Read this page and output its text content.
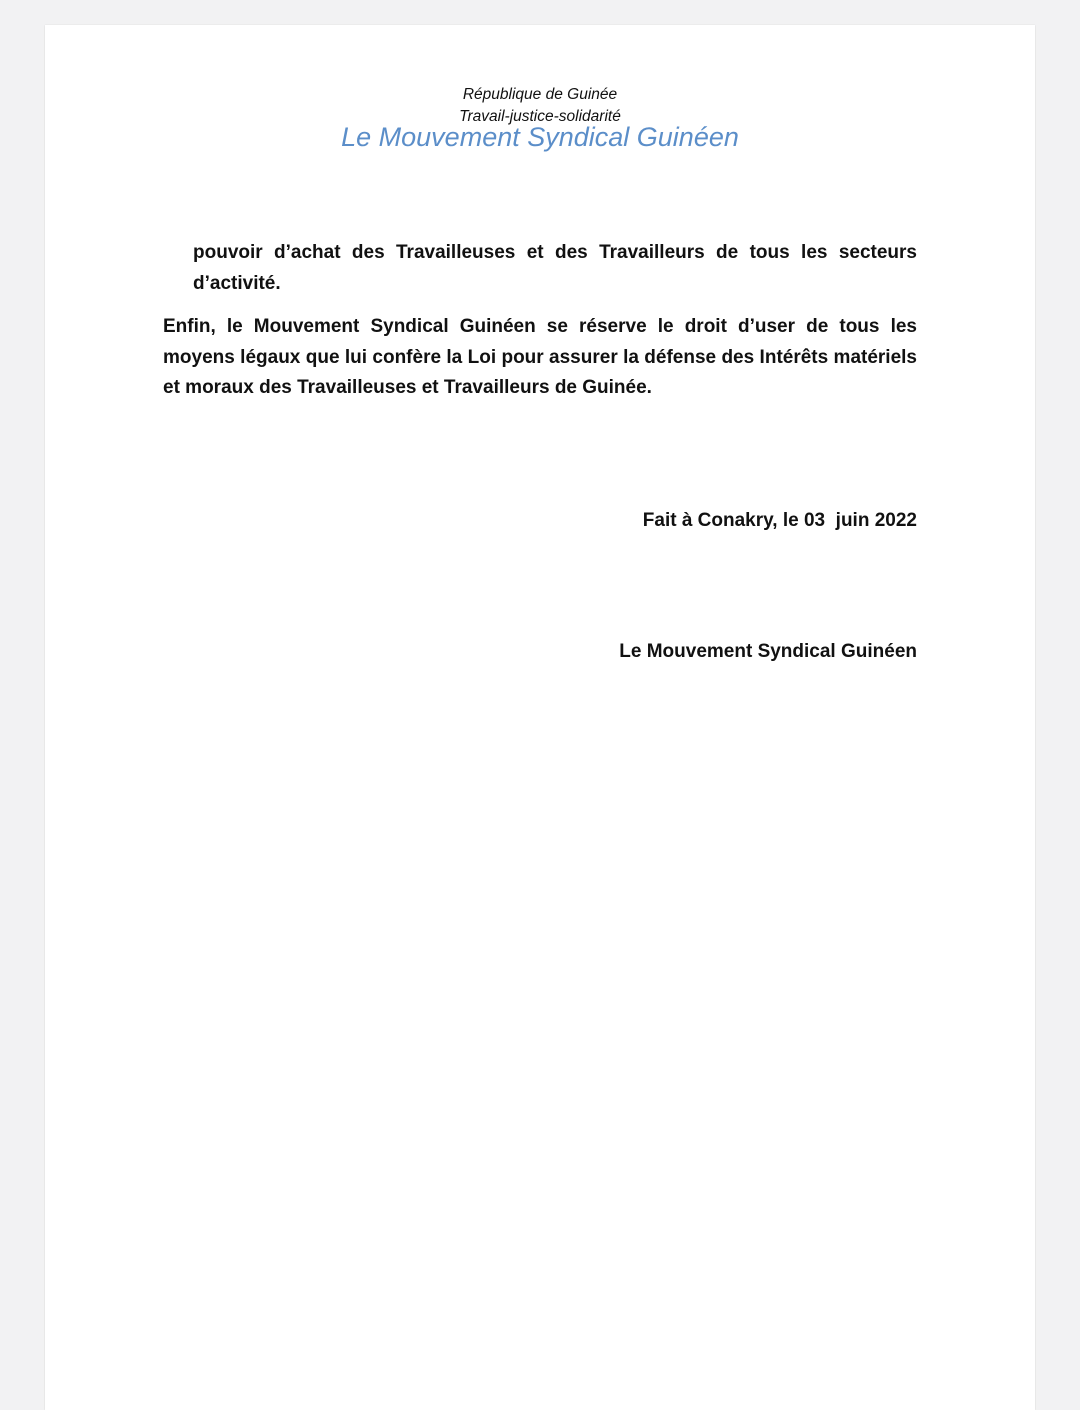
République de Guinée
Travail-justice-solidarité
Le Mouvement Syndical Guinéen

pouvoir d’achat des Travailleuses et des Travailleurs de tous les secteurs d’activité.

Enfin, le Mouvement Syndical Guinéen se réserve le droit d’user de tous les moyens légaux que lui confère la Loi pour assurer la défense des Intérêts matériels et moraux des Travailleuses et Travailleurs de Guinée.

Fait à Conakry, le 03  juin 2022
Le Mouvement Syndical Guinéen
